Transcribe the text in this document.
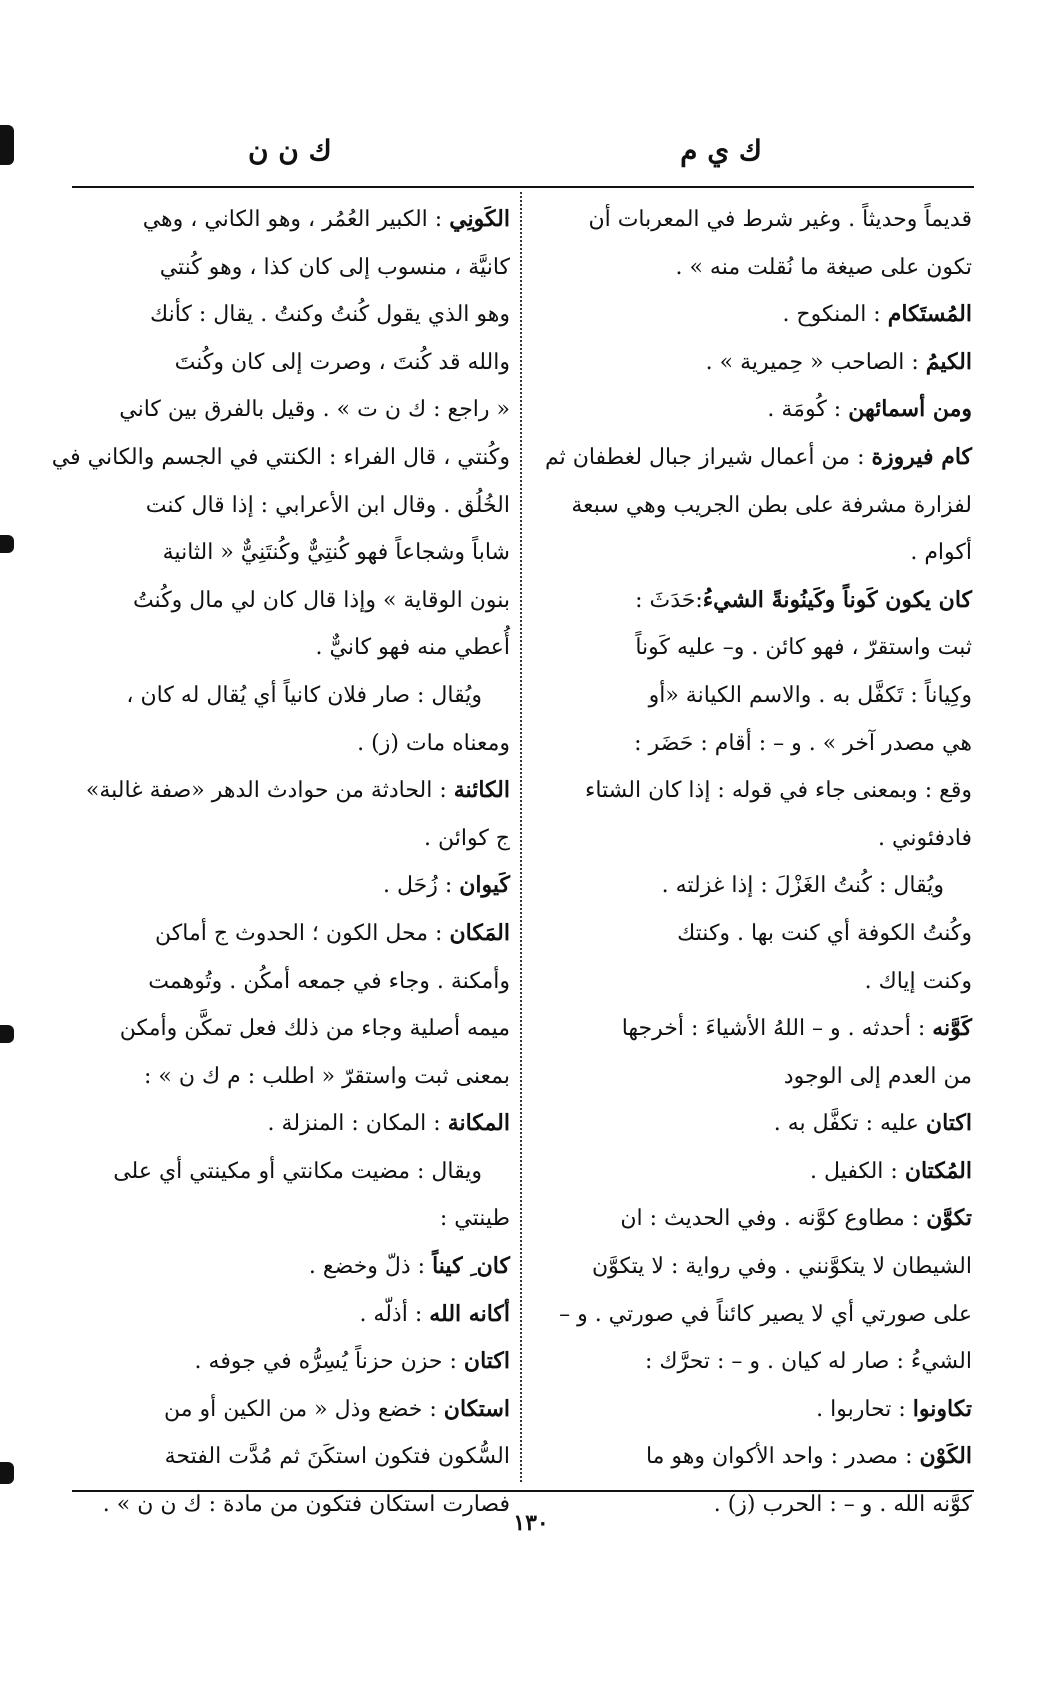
ك ي م
ك ن ن
قديماً وحديثاً . وغير شرط في المعربات أن
تكون على صيغة ما نُقلت منه » .
المُستَكام : المنكوح .
الكيمُ : الصاحب « حِميرية » .
ومن أسمائهن : كُومَة .
كام فيروزة : من أعمال شيراز جبال لغطفان ثم
لفزارة مشرفة على بطن الجريب وهي سبعة
أكوام .
كان يكون كَوناً وكَينُونةً الشيءُ:حَدَثَ :
ثبت واستقرّ ، فهو كائن . و– عليه كَوناً
وكِياناً : تَكفَّل به . والاسم الكيانة «أو
هي مصدر آخر » . و – : أقام : حَضَر :
وقع : وبمعنى جاء في قوله : إذا كان الشتاء
فادفئوني .
ويُقال : كُنتُ الغَزْلَ : إذا غزلته .
وكُنتُ الكوفة أي كنت بها . وكنتك
وكنت إياك .
كَوَّنه : أحدثه . و – اللهُ الأشياءَ : أخرجها
من العدم إلى الوجود
اكتان عليه : تكفَّل به .
المُكتان : الكفيل .
تكوَّن : مطاوع كوَّنه . وفي الحديث : ان
الشيطان لا يتكوَّنني . وفي رواية : لا يتكوَّن
على صورتي أي لا يصير كائناً في صورتي . و –
الشيءُ : صار له كيان . و – : تحرَّك :
تكاونوا : تحاربوا .
الكَوْن : مصدر : واحد الأكوان وهو ما
كوَّنه الله . و – : الحرب (ز) .
الكَونِي : الكبير العُمُر ، وهو الكاني ، وهي
كانيَّة ، منسوب إلى كان كذا ، وهو كُنتي
وهو الذي يقول كُنتُ وكنتُ . يقال : كأنك
والله قد كُنتَ ، وصرت إلى كان وكُنتَ
« راجع : ك ن ت » . وقيل بالفرق بين كاني
وكُنتي ، قال الفراء : الكنتي في الجسم والكاني في
الخُلُق . وقال ابن الأعرابي : إذا قال كنت
شاباً وشجاعاً فهو كُنتِيٌّ وكُنتَنِيٌّ « الثانية
بنون الوقاية » وإذا قال كان لي مال وكُنتُ
أُعطي منه فهو كانيٌّ .
ويُقال : صار فلان كانياً أي يُقال له كان ،
ومعناه مات (ز) .
الكائنة : الحادثة من حوادث الدهر «صفة غالبة»
ج كوائن .
كَيوان : زُحَل .
المَكان : محل الكون ؛ الحدوث ج أماكن
وأمكنة . وجاء في جمعه أمكُن . وتُوهمت
ميمه أصلية وجاء من ذلك فعل تمكَّن وأمكن
بمعنى ثبت واستقرّ « اطلب : م ك ن » :
المكانة : المكان : المنزلة .
ويقال : مضيت مكانتي أو مكينتي أي على
طينتي :
كان ِ كيناً : ذلّ وخضع .
أكانه الله : أذلّه .
اكتان : حزن حزناً يُسِرُّه في جوفه .
استكان : خضع وذل « من الكين أو من
السُّكون فتكون استكَنَ ثم مُدَّت الفتحة
فصارت استكان فتكون من مادة : ك ن ن » .
١٣٠
